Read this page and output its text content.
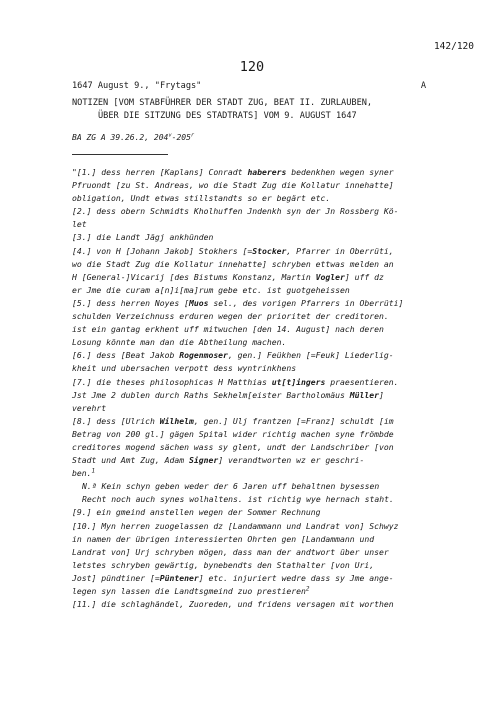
142/120
120
1647 August 9., "Frytags"	A
NOTIZEN [VOM STABFÜHRER DER STADT ZUG, BEAT II. ZURLAUBEN,
ÜBER DIE SITZUNG DES STADTRATS] VOM 9. AUGUST 1647
BA ZG A 39.26.2, 204$^v$-205$^r$

"[1.] dess herren [Kaplans] Conradt haberers bedenkhen wegen syner
Pfruondt [zu St. Andreas, wo die Stadt Zug die Kollatur innehatte]
obligation, Undt etwas stillstandts so er begärt etc.

[2.] dess obern Schmidts Kholhuffen Jndenkh syn der Jn Rossberg Kö-
let

[3.] die Landt Jägj ankhünden

[4.] von H [Johann Jakob] Stokhers [=Stocker, Pfarrer in Oberrüti,
wo die Stadt Zug die Kollatur innehatte] schryben ettwas melden an
H [General-]Vicarij [des Bistums Konstanz, Martin Vogler] uff dz
er Jme die curam a[n]i[ma]rum gebe etc. ist guotgeheissen

[5.] dess herren Noyes [Muos sel., des vorigen Pfarrers in Oberrüti]
schulden Verzeichnuss erduren wegen der prioritet der creditoren.
ist ein gantag erkhent uff mitwuchen [den 14. August] nach deren
Losung könnte man dan die Abtheilung machen.

[6.] dess [Beat Jakob Rogenmoser, gen.] Feükhen [=Feuk] Liederlig-
kheit und ubersachen verpott dess wyntrinkhens

[7.] die theses philosophicas H Matthias ut[t]ingers praesentieren.
Jst Jme 2 dublen durch Raths Sekhelm[eister Bartholomäus Müller]
verehrt

[8.] dess [Ulrich Wilhelm, gen.] Ulj frantzen [=Franz] schuldt [im
Betrag von 200 gl.] gägen Spital wider richtig machen syne frömbde
creditores mogend sächen wass sy glent, undt der Landschriber [von
Stadt und Amt Zug, Adam Signer] verandtworten wz er geschri-
ben.$^1$

N.ª Kein schyn geben weder der 6 Jaren uff behaltnen bysessen
Recht noch auch synes wolhaltens. ist richtig wye hernach staht.

[9.] ein gmeind anstellen wegen der Sommer Rechnung

[10.] Myn herren zuogelassen dz [Landammann und Landrat von] Schwyz
in namen der übrigen interessierten Ohrten gen [Landammann und
Landrat von] Urj schryben mögen, dass man der andtwort über unser
letstes schryben gewärtig, bynebendts den Stathalter [von Uri,
Jost] pündtiner [=Püntener] etc. injuriert wedre dass sy Jme ange-
legen syn lassen die Landtsgmeind zuo prestieren$^2$

[11.] die schlaghändel, Zuoreden, und fridens versagen mit worthen
